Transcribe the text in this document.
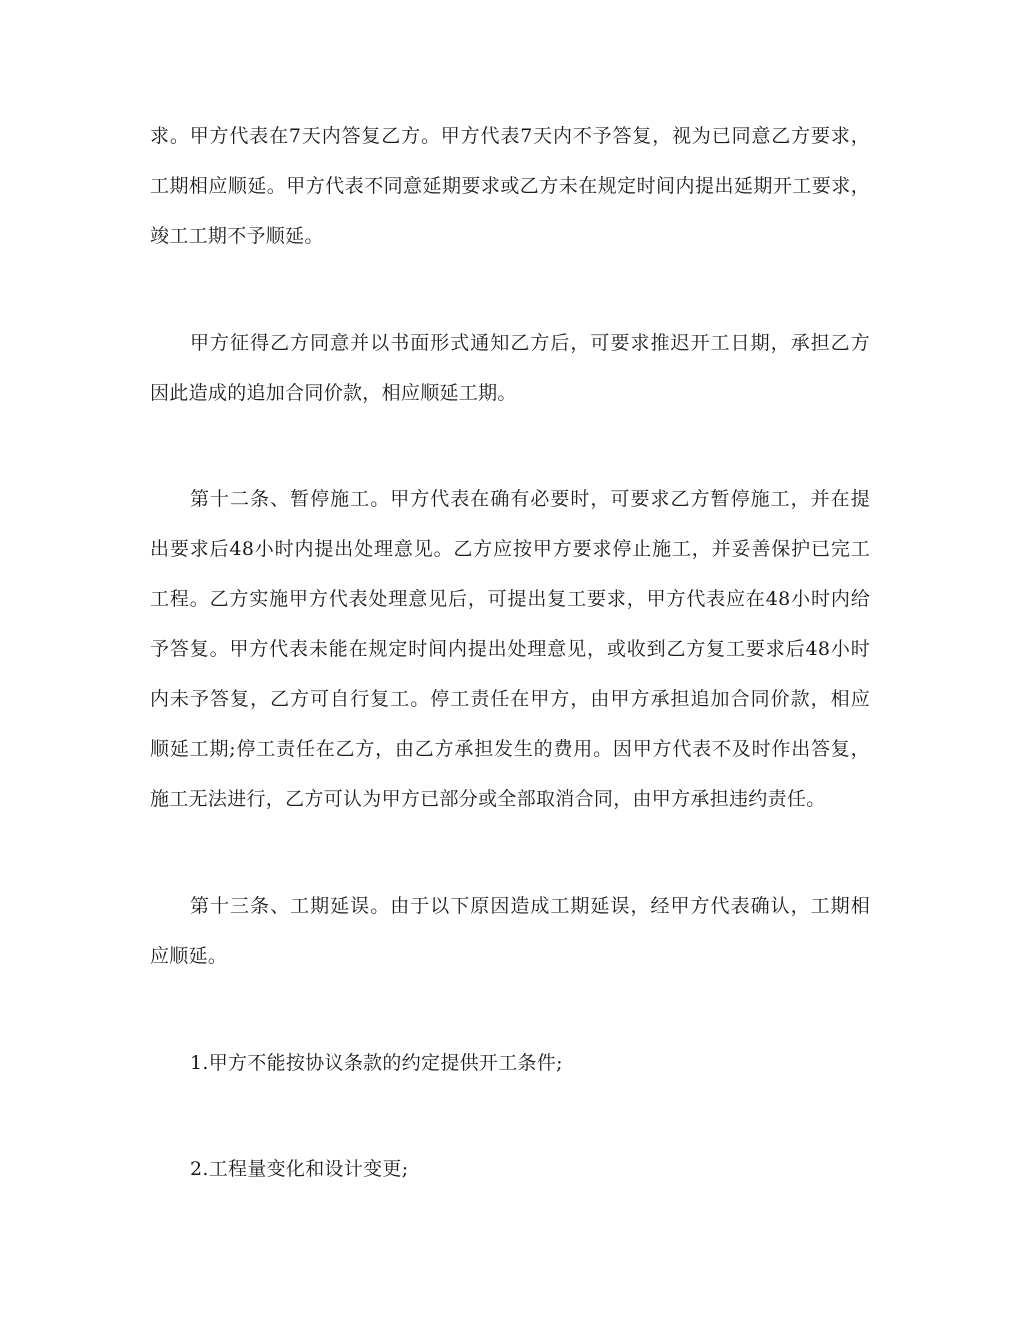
求。甲方代表在7天内答复乙方。甲方代表7天内不予答复，视为已同意乙方要求，
工期相应顺延。甲方代表不同意延期要求或乙方未在规定时间内提出延期开工要求，
竣工工期不予顺延。
甲方征得乙方同意并以书面形式通知乙方后，可要求推迟开工日期，承担乙方
因此造成的追加合同价款，相应顺延工期。
第十二条、暂停施工。甲方代表在确有必要时，可要求乙方暂停施工，并在提
出要求后48小时内提出处理意见。乙方应按甲方要求停止施工，并妥善保护已完工
工程。乙方实施甲方代表处理意见后，可提出复工要求，甲方代表应在48小时内给
予答复。甲方代表未能在规定时间内提出处理意见，或收到乙方复工要求后48小时
内未予答复，乙方可自行复工。停工责任在甲方，由甲方承担追加合同价款，相应
顺延工期;停工责任在乙方，由乙方承担发生的费用。因甲方代表不及时作出答复，
施工无法进行，乙方可认为甲方已部分或全部取消合同，由甲方承担违约责任。
第十三条、工期延误。由于以下原因造成工期延误，经甲方代表确认，工期相
应顺延。
1.甲方不能按协议条款的约定提供开工条件;
2.工程量变化和设计变更;
